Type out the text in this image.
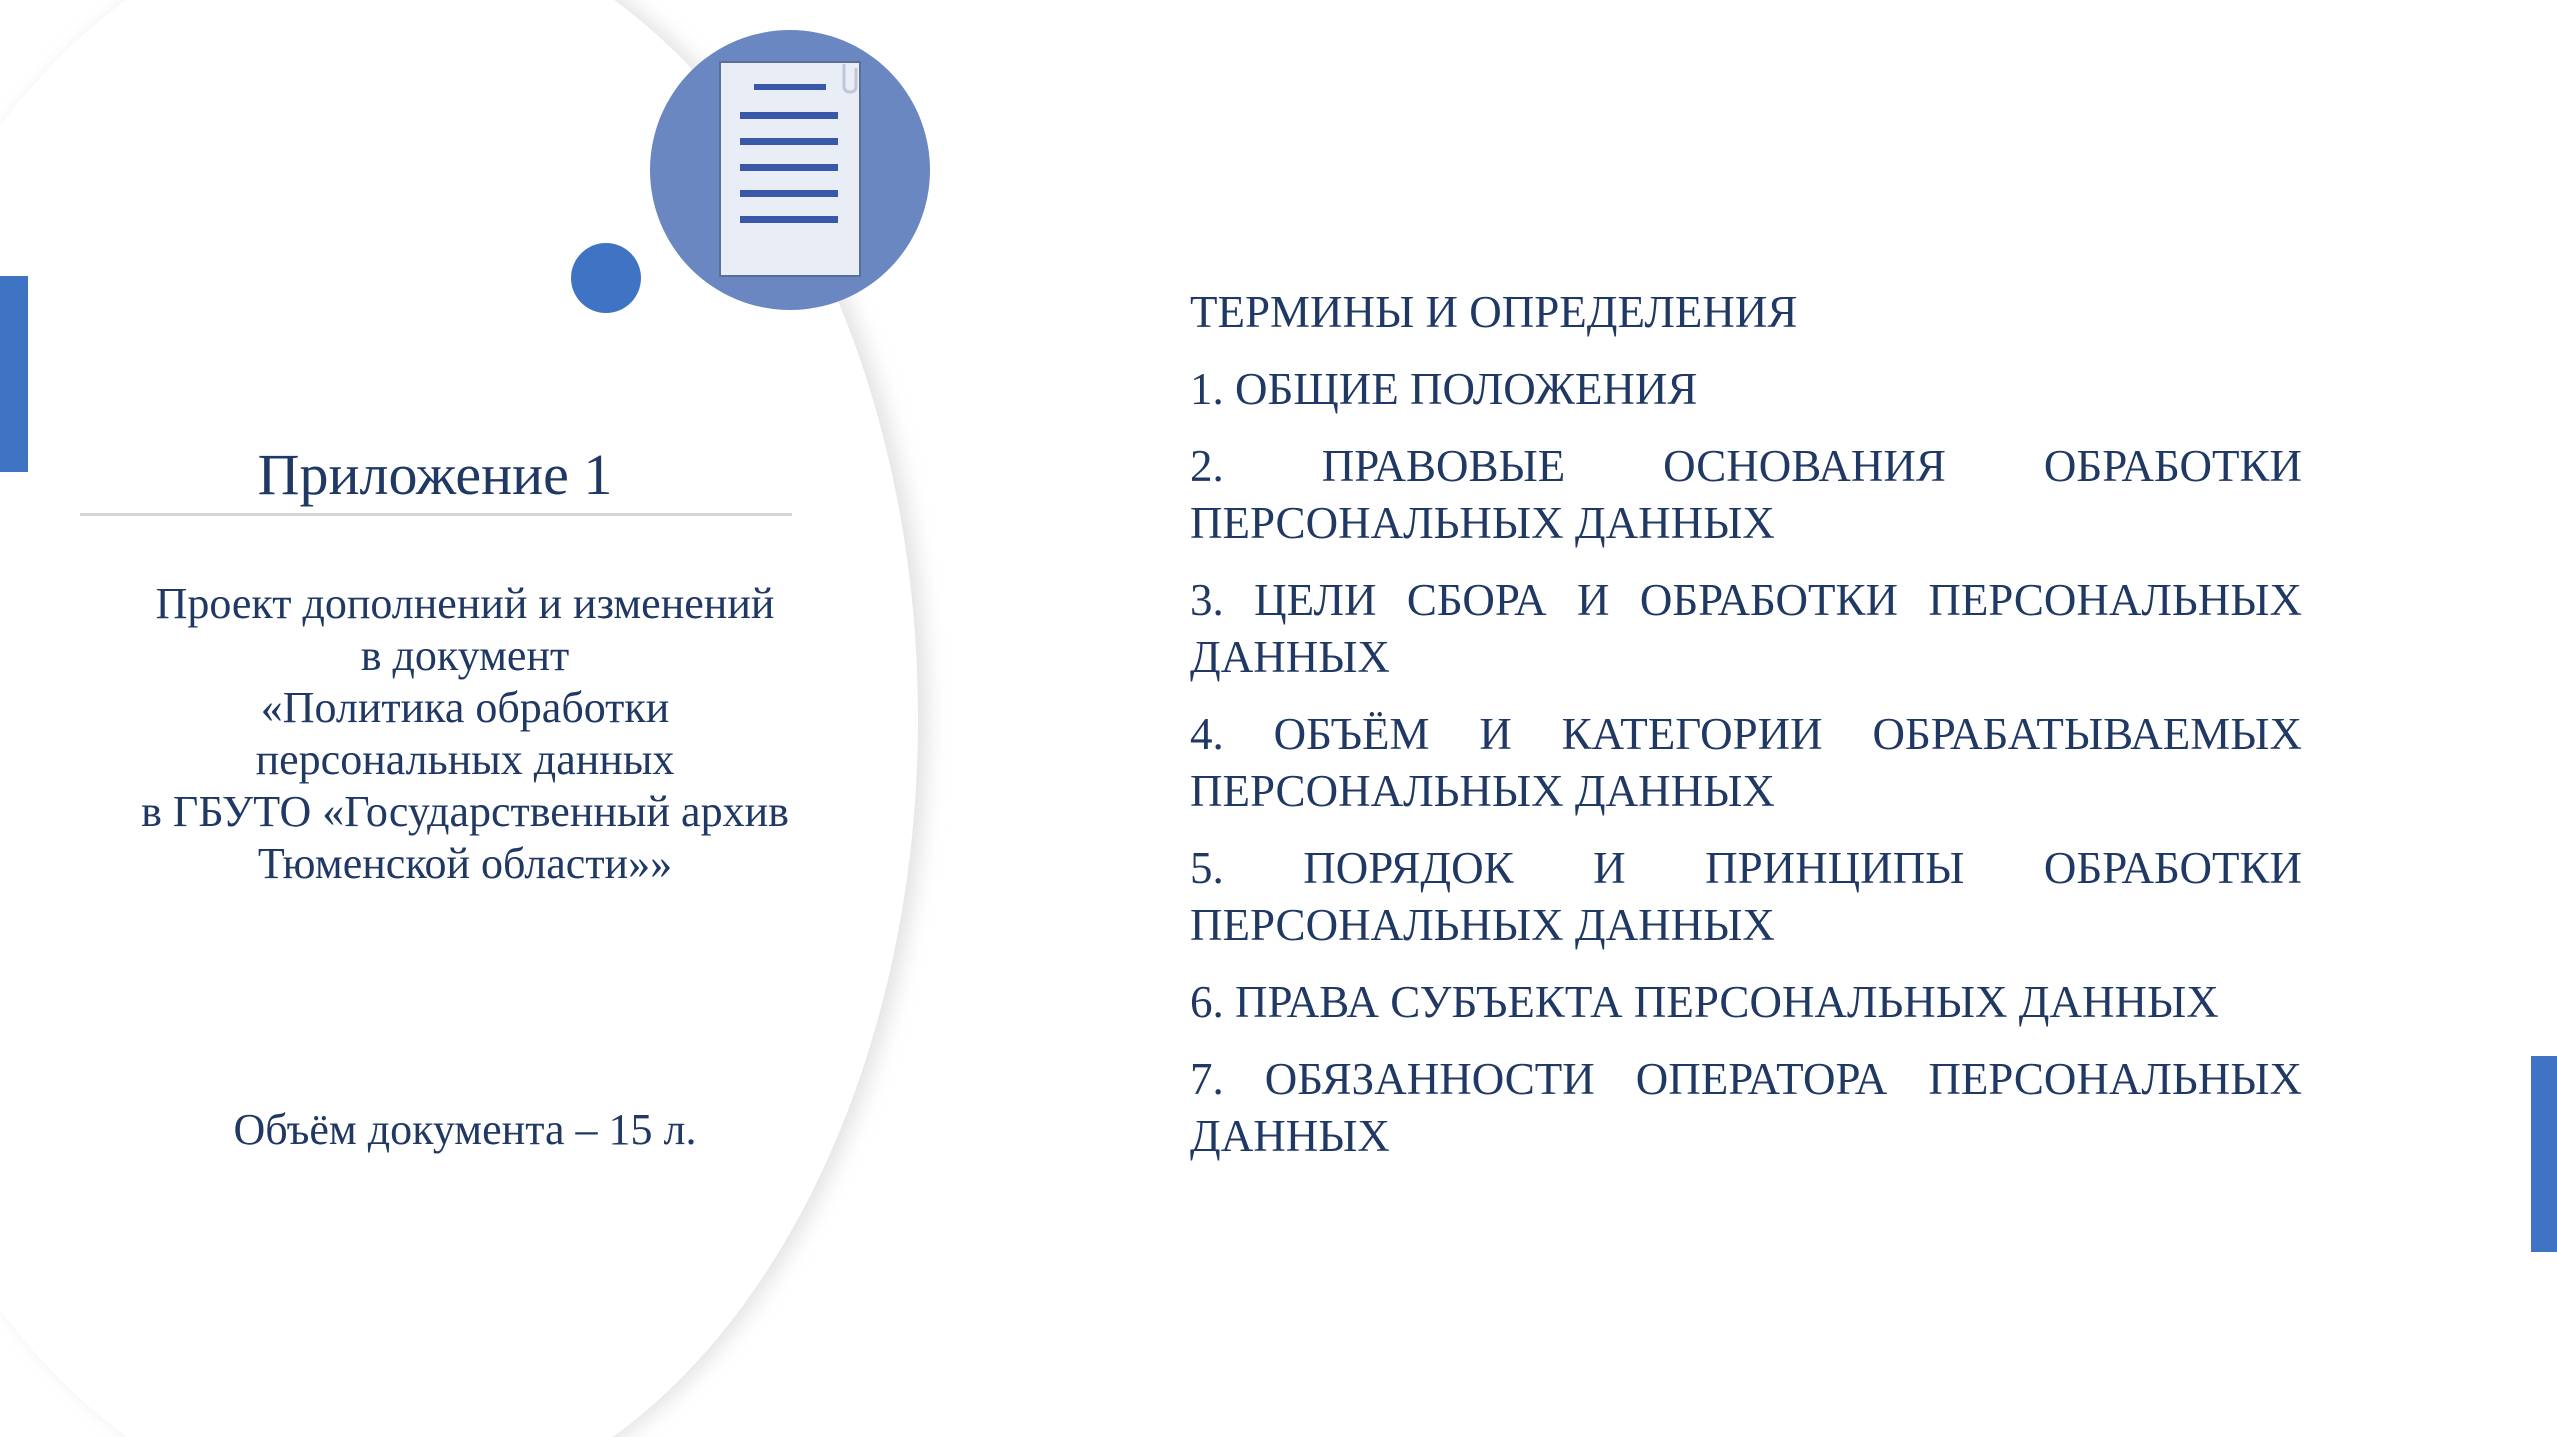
Приложение 1
Проект дополнений и изменений
в документ
«Политика обработки
персональных данных
в ГБУТО «Государственный архив
Тюменской области»»
Объём документа – 15 л.
ТЕРМИНЫ И ОПРЕДЕЛЕНИЯ
1. ОБЩИЕ ПОЛОЖЕНИЯ
2. ПРАВОВЫЕ ОСНОВАНИЯ ОБРАБОТКИ ПЕРСОНАЛЬНЫХ ДАННЫХ
3. ЦЕЛИ СБОРА И ОБРАБОТКИ ПЕРСОНАЛЬНЫХ ДАННЫХ
4. ОБЪЁМ И КАТЕГОРИИ ОБРАБАТЫВАЕМЫХ ПЕРСОНАЛЬНЫХ ДАННЫХ
5. ПОРЯДОК И ПРИНЦИПЫ ОБРАБОТКИ ПЕРСОНАЛЬНЫХ ДАННЫХ
6. ПРАВА СУБЪЕКТА ПЕРСОНАЛЬНЫХ ДАННЫХ
7. ОБЯЗАННОСТИ ОПЕРАТОРА ПЕРСОНАЛЬНЫХ ДАННЫХ
